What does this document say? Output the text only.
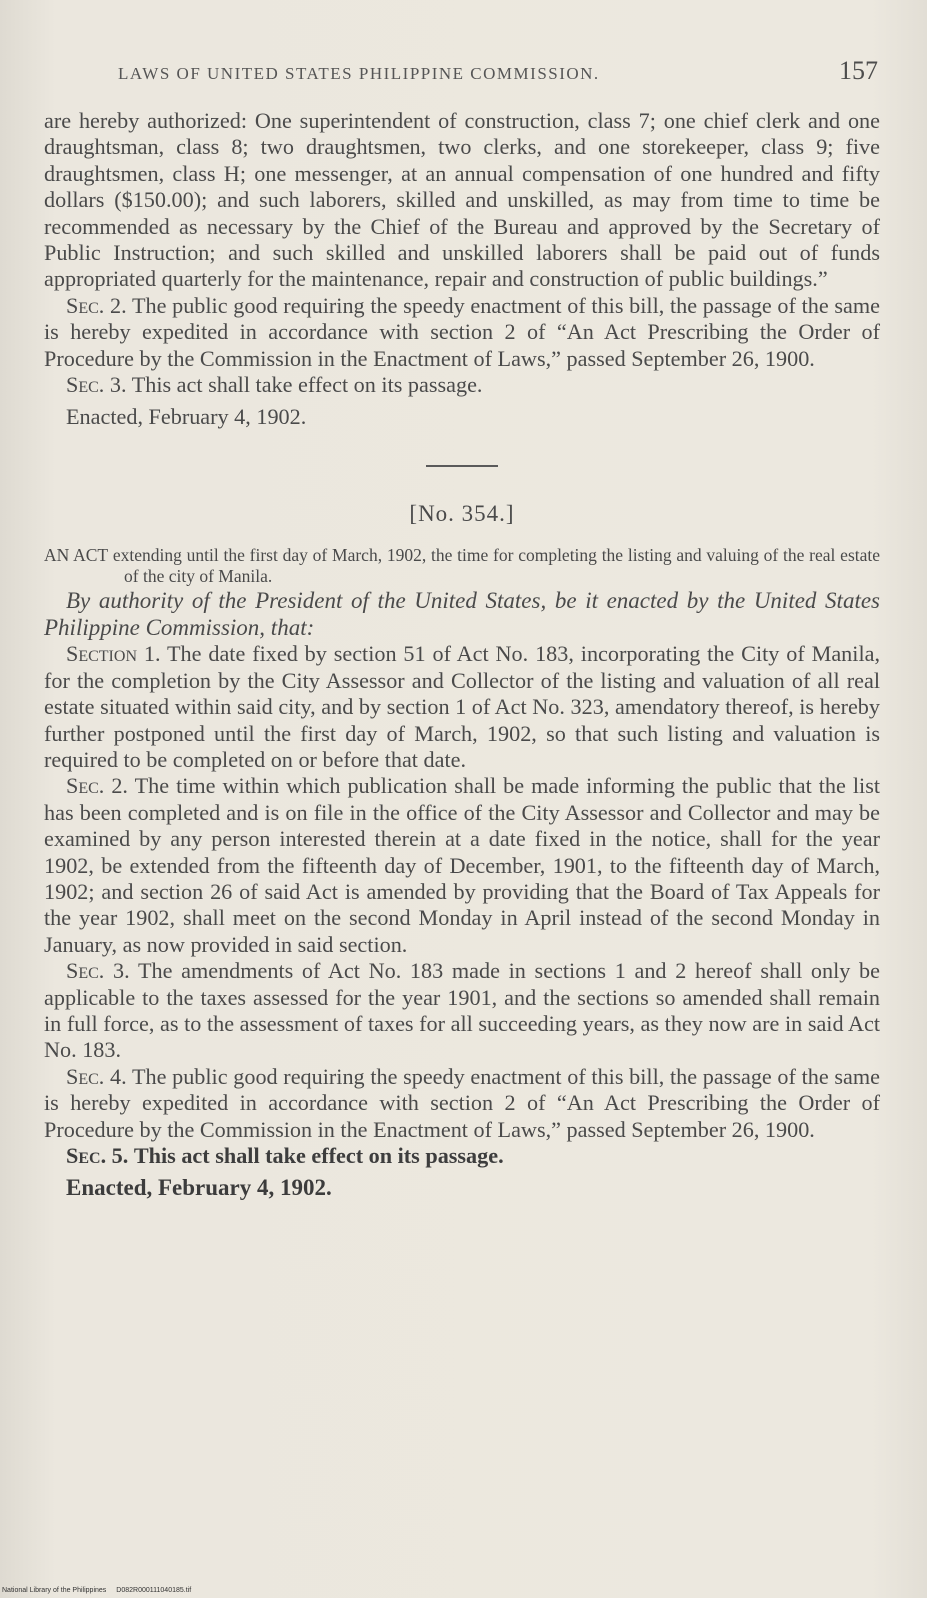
LAWS OF UNITED STATES PHILIPPINE COMMISSION.	157

are hereby authorized: One superintendent of construction, class 7; one chief clerk and one draughtsman, class 8; two draughtsmen, two clerks, and one storekeeper, class 9; five draughtsmen, class H; one messenger, at an annual compensation of one hundred and fifty dollars ($150.00); and such laborers, skilled and unskilled, as may from time to time be recommended as necessary by the Chief of the Bureau and approved by the Secretary of Public Instruction; and such skilled and unskilled laborers shall be paid out of funds appropriated quarterly for the maintenance, repair and construction of public buildings.”

Sec. 2. The public good requiring the speedy enactment of this bill, the passage of the same is hereby expedited in accordance with section 2 of “An Act Prescribing the Order of Procedure by the Commission in the Enactment of Laws,” passed September 26, 1900.

Sec. 3. This act shall take effect on its passage.

Enacted, February 4, 1902.

[No. 354.]

AN ACT extending until the first day of March, 1902, the time for completing the listing and valuing of the real estate of the city of Manila.

By authority of the President of the United States, be it enacted by the United States Philippine Commission, that:

Section 1. The date fixed by section 51 of Act No. 183, incorporating the City of Manila, for the completion by the City Assessor and Collector of the listing and valuation of all real estate situated within said city, and by section 1 of Act No. 323, amendatory thereof, is hereby further postponed until the first day of March, 1902, so that such listing and valuation is required to be completed on or before that date.

Sec. 2. The time within which publication shall be made informing the public that the list has been completed and is on file in the office of the City Assessor and Collector and may be examined by any person interested therein at a date fixed in the notice, shall for the year 1902, be extended from the fifteenth day of December, 1901, to the fifteenth day of March, 1902; and section 26 of said Act is amended by providing that the Board of Tax Appeals for the year 1902, shall meet on the second Monday in April instead of the second Monday in January, as now provided in said section.

Sec. 3. The amendments of Act No. 183 made in sections 1 and 2 hereof shall only be applicable to the taxes assessed for the year 1901, and the sections so amended shall remain in full force, as to the assessment of taxes for all succeeding years, as they now are in said Act No. 183.

Sec. 4. The public good requiring the speedy enactment of this bill, the passage of the same is hereby expedited in accordance with section 2 of “An Act Prescribing the Order of Procedure by the Commission in the Enactment of Laws,” passed September 26, 1900.

Sec. 5. This act shall take effect on its passage.

Enacted, February 4, 1902.

National Library of the Philippines D082R000111040185.tif
